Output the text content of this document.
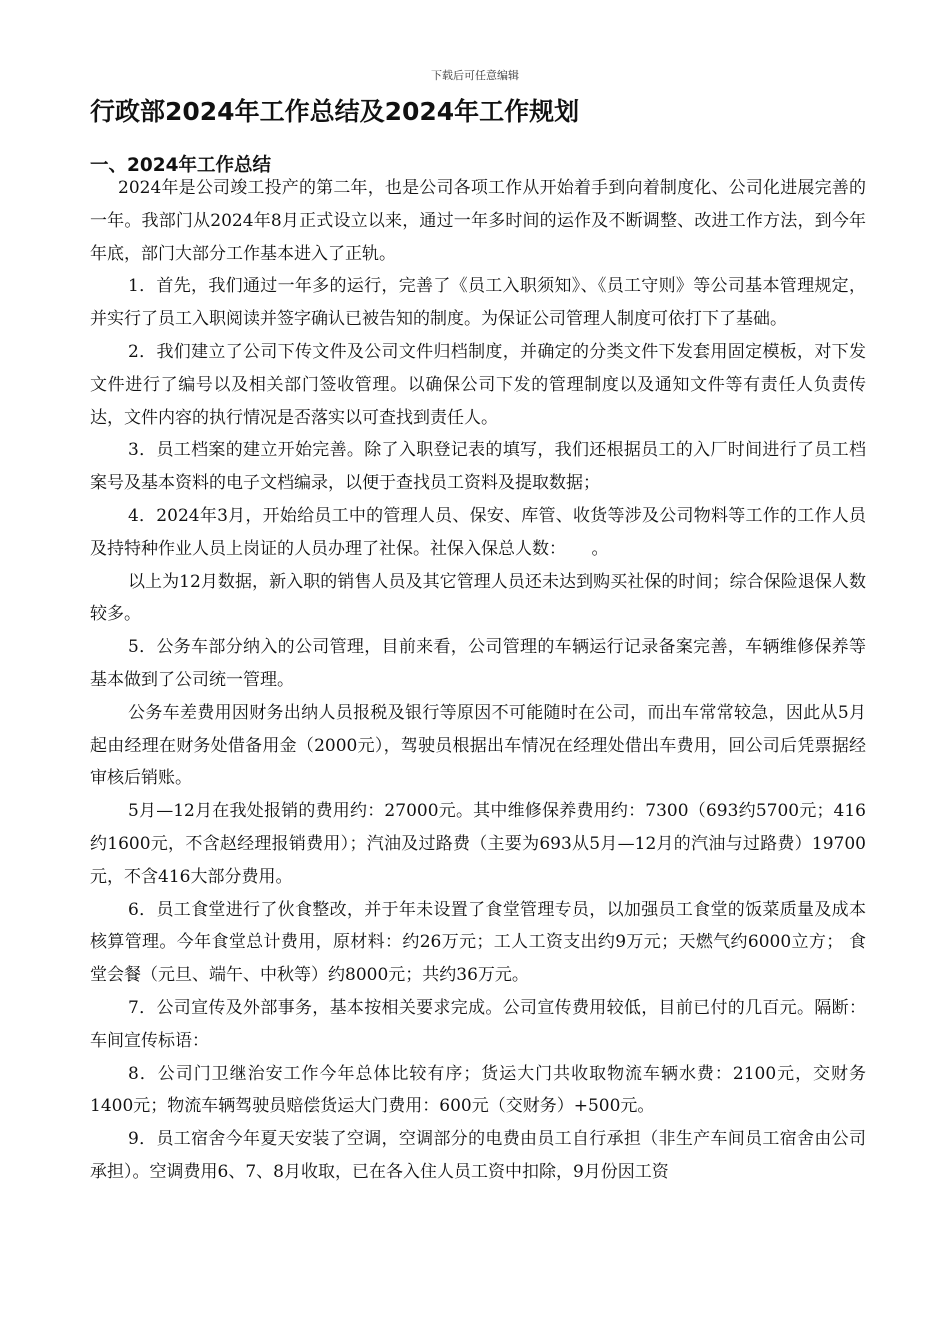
下载后可任意编辑
行政部2024年工作总结及2024年工作规划
一、2024年工作总结

2024年是公司竣工投产的第二年，也是公司各项工作从开始着手到向着制度化、公司化进展完善的一年。我部门从2024年8月正式设立以来，通过一年多时间的运作及不断调整、改进工作方法，到今年年底，部门大部分工作基本进入了正轨。

1．首先，我们通过一年多的运行，完善了《员工入职须知》、《员工守则》等公司基本管理规定，并实行了员工入职阅读并签字确认已被告知的制度。为保证公司管理人制度可依打下了基础。

2．我们建立了公司下传文件及公司文件归档制度，并确定的分类文件下发套用固定模板，对下发文件进行了编号以及相关部门签收管理。以确保公司下发的管理制度以及通知文件等有责任人负责传达，文件内容的执行情况是否落实以可查找到责任人。

3．员工档案的建立开始完善。除了入职登记表的填写，我们还根据员工的入厂时间进行了员工档案号及基本资料的电子文档编录，以便于查找员工资料及提取数据；

4．2024年3月，开始给员工中的管理人员、保安、库管、收货等涉及公司物料等工作的工作人员及持特种作业人员上岗证的人员办理了社保。社保入保总人数：　　。

以上为12月数据，新入职的销售人员及其它管理人员还未达到购买社保的时间；综合保险退保人数较多。

5．公务车部分纳入的公司管理，目前来看，公司管理的车辆运行记录备案完善，车辆维修保养等基本做到了公司统一管理。

公务车差费用因财务出纳人员报税及银行等原因不可能随时在公司，而出车常常较急，因此从5月起由经理在财务处借备用金（2000元），驾驶员根据出车情况在经理处借出车费用，回公司后凭票据经审核后销账。

5月—12月在我处报销的费用约：27000元。其中维修保养费用约：7300（693约5700元；416约1600元，不含赵经理报销费用）；汽油及过路费（主要为693从5月—12月的汽油与过路费）19700元，不含416大部分费用。

6．员工食堂进行了伙食整改，并于年未设置了食堂管理专员，以加强员工食堂的饭菜质量及成本核算管理。今年食堂总计费用，原材料：约26万元；工人工资支出约9万元；天燃气约6000立方； 食堂会餐（元旦、端午、中秋等）约8000元；共约36万元。

7．公司宣传及外部事务，基本按相关要求完成。公司宣传费用较低，目前已付的几百元。隔断： 车间宣传标语：

8．公司门卫继治安工作今年总体比较有序；货运大门共收取物流车辆水费：2100元，交财务1400元；物流车辆驾驶员赔偿货运大门费用：600元（交财务）+500元。

9．员工宿舍今年夏天安装了空调，空调部分的电费由员工自行承担（非生产车间员工宿舍由公司承担）。空调费用6、7、8月收取，已在各入住人员工资中扣除，9月份因工资
